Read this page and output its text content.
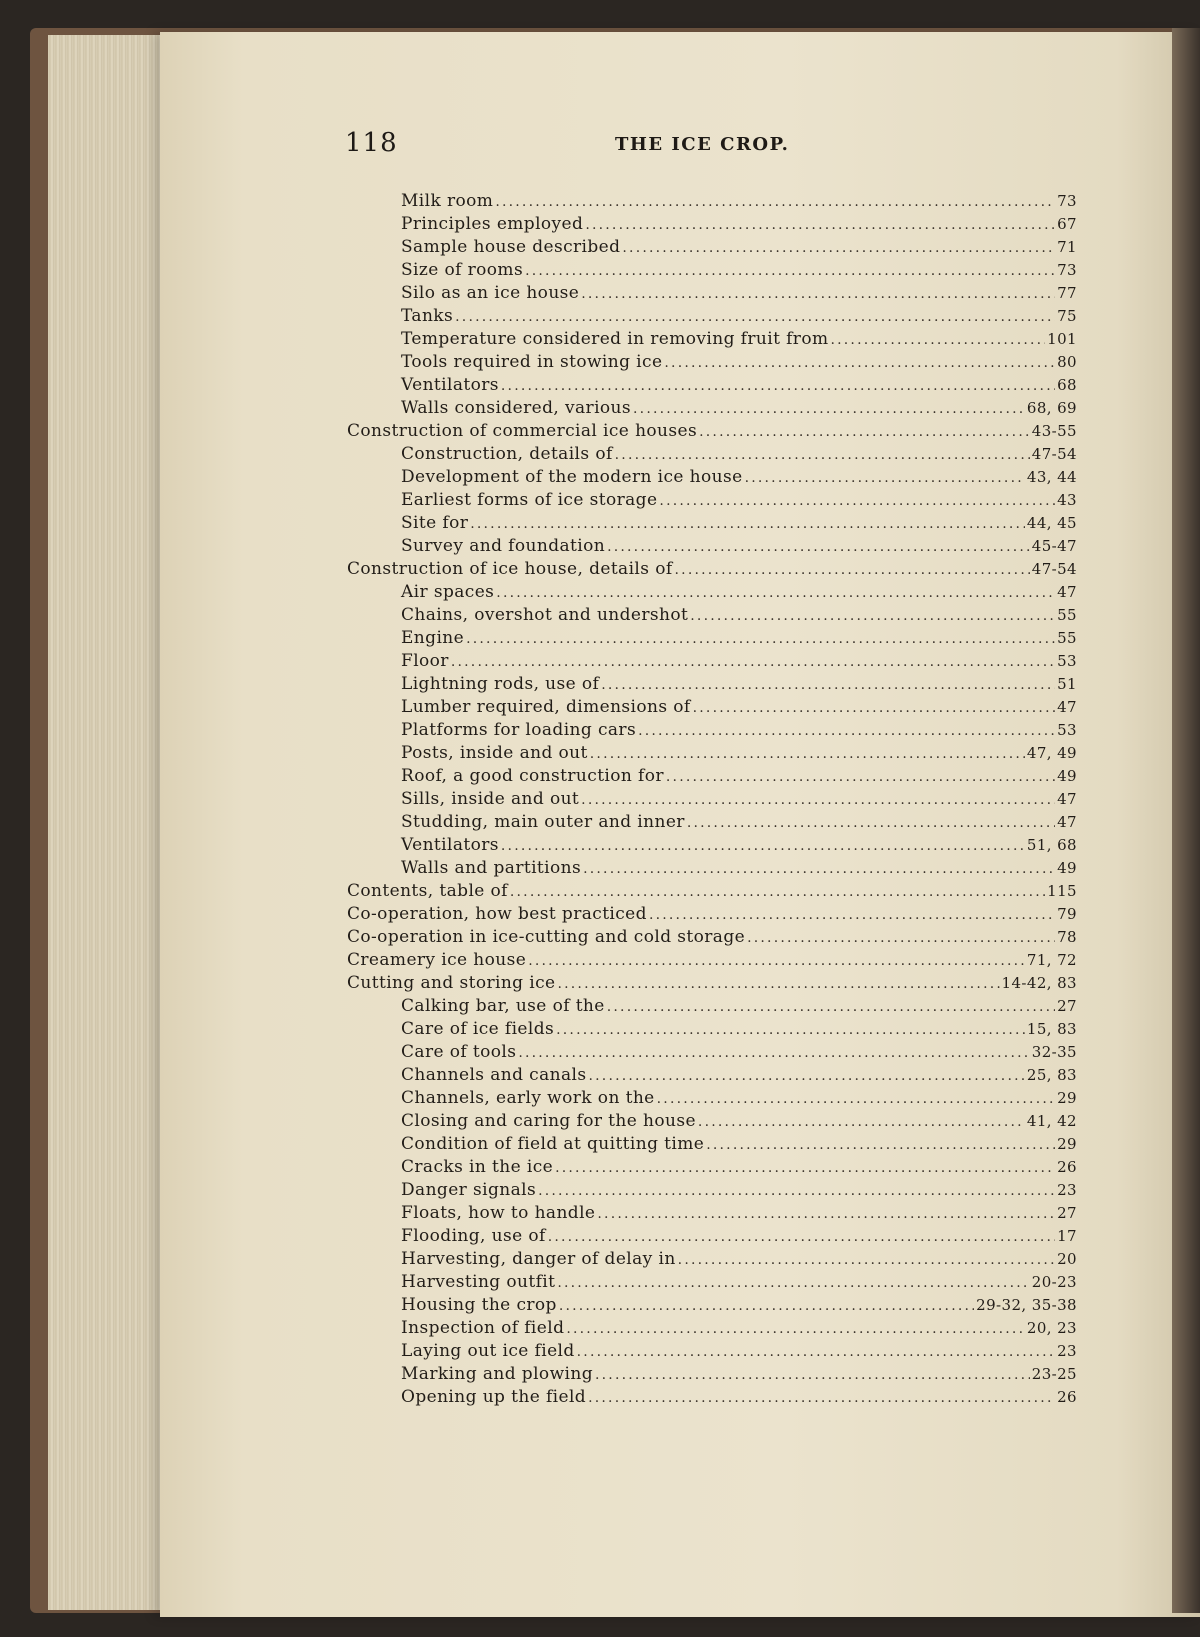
118	THE ICE CROP.
Milk room .....	73
Principles employed .....	67
Sample house described .....	71
Size of rooms .....	73
Silo as an ice house .....	77
Tanks .....	75
Temperature considered in removing fruit from .....	101
Tools required in stowing ice .....	80
Ventilators .....	68
Walls considered, various .....	68, 69
Construction of commercial ice houses .....	43-55
Construction, details of .....	47-54
Development of the modern ice house .....	43, 44
Earliest forms of ice storage .....	43
Site for .....	44, 45
Survey and foundation .....	45-47
Construction of ice house, details of .....	47-54
Air spaces .....	47
Chains, overshot and undershot .....	55
Engine .....	55
Floor .....	53
Lightning rods, use of .....	51
Lumber required, dimensions of .....	47
Platforms for loading cars .....	53
Posts, inside and out .....	47, 49
Roof, a good construction for .....	49
Sills, inside and out .....	47
Studding, main outer and inner .....	47
Ventilators .....	51, 68
Walls and partitions .....	49
Contents, table of .....	115
Co-operation, how best practiced .....	79
Co-operation in ice-cutting and cold storage .....	78
Creamery ice house .....	71, 72
Cutting and storing ice .....	14-42, 83
Calking bar, use of the .....	27
Care of ice fields .....	15, 83
Care of tools .....	32-35
Channels and canals .....	25, 83
Channels, early work on the .....	29
Closing and caring for the house .....	41, 42
Condition of field at quitting time .....	29
Cracks in the ice .....	26
Danger signals .....	23
Floats, how to handle .....	27
Flooding, use of .....	17
Harvesting, danger of delay in .....	20
Harvesting outfit .....	20-23
Housing the crop .....	29-32, 35-38
Inspection of field .....	20, 23
Laying out ice field .....	23
Marking and plowing .....	23-25
Opening up the field .....	26
